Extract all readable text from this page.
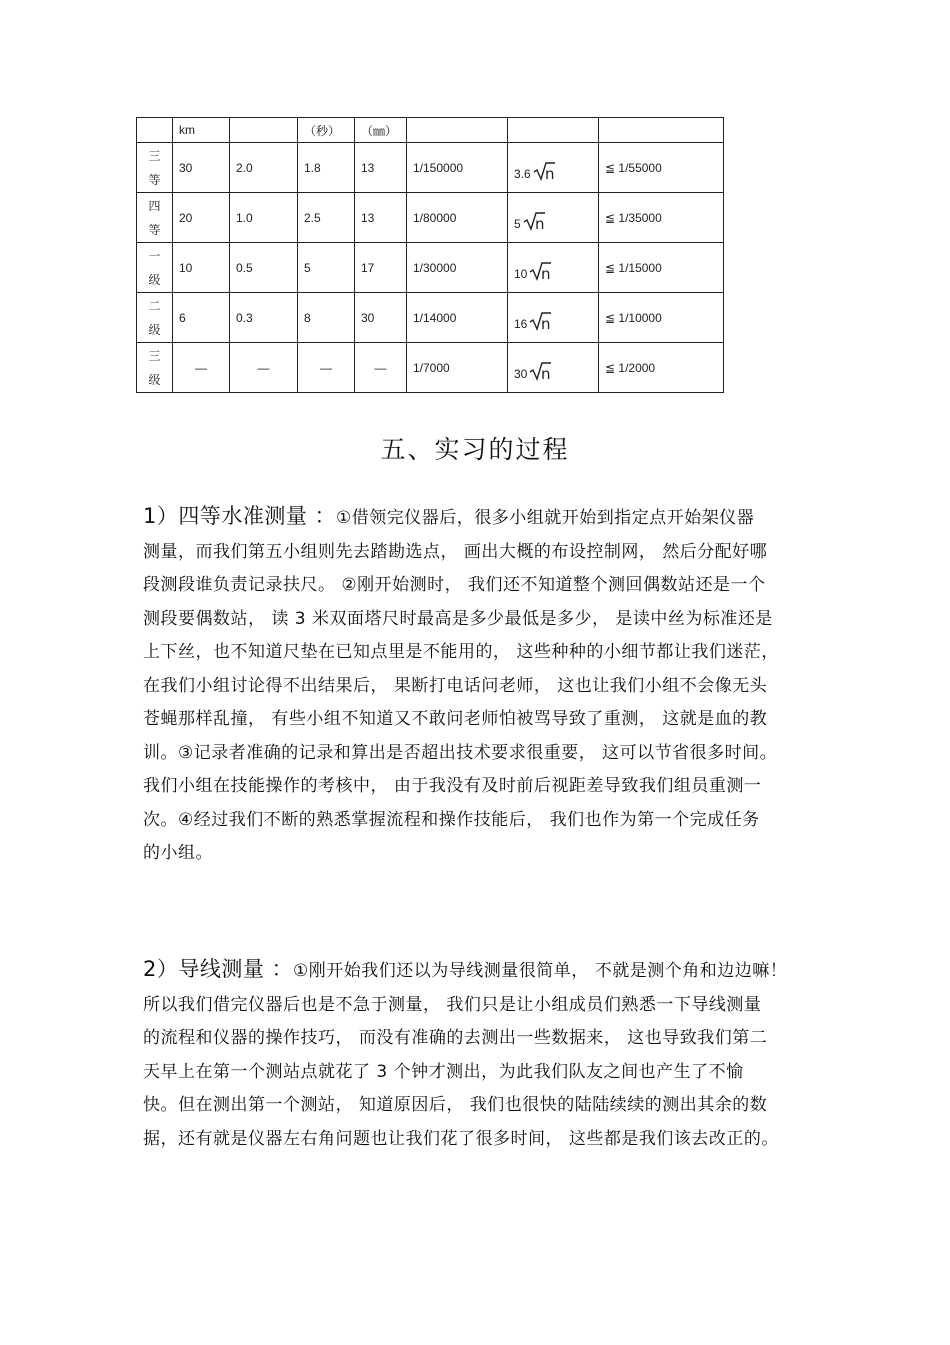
	km		（秒）	（㎜）			

三
等	30	2.0	1.8	13	1/150000	3.6 n	≦ 1/55000

四
等	20	1.0	2.5	13	1/80000	5 n	≦ 1/35000

一
级	10	0.5	5	17	1/30000	10 n	≦ 1/15000

二
级	6	0.3	8	30	1/14000	16 n	≦ 1/10000

三
级	—	—	—	—	1/7000	30 n	≦ 1/2000
五、实习的过程
1）四等水准测量 ：①借领完仪器后，很多小组就开始到指定点开始架仪器
测量，而我们第五小组则先去踏勘选点， 画出大概的布设控制网， 然后分配好哪
段测段谁负责记录扶尺。 ②刚开始测时， 我们还不知道整个测回偶数站还是一个
测段要偶数站， 读 3 米双面塔尺时最高是多少最低是多少， 是读中丝为标准还是
上下丝，也不知道尺垫在已知点里是不能用的， 这些种种的小细节都让我们迷茫，
在我们小组讨论得不出结果后， 果断打电话问老师， 这也让我们小组不会像无头
苍蝇那样乱撞， 有些小组不知道又不敢问老师怕被骂导致了重测， 这就是血的教
训。③记录者准确的记录和算出是否超出技术要求很重要， 这可以节省很多时间。
我们小组在技能操作的考核中， 由于我没有及时前后视距差导致我们组员重测一
次。④经过我们不断的熟悉掌握流程和操作技能后， 我们也作为第一个完成任务
的小组。
2）导线测量 ：①刚开始我们还以为导线测量很简单， 不就是测个角和边边嘛！
所以我们借完仪器后也是不急于测量， 我们只是让小组成员们熟悉一下导线测量
的流程和仪器的操作技巧， 而没有准确的去测出一些数据来， 这也导致我们第二
天早上在第一个测站点就花了 3 个钟才测出，为此我们队友之间也产生了不愉
快。但在测出第一个测站， 知道原因后， 我们也很快的陆陆续续的测出其余的数
据，还有就是仪器左右角问题也让我们花了很多时间， 这些都是我们该去改正的。
